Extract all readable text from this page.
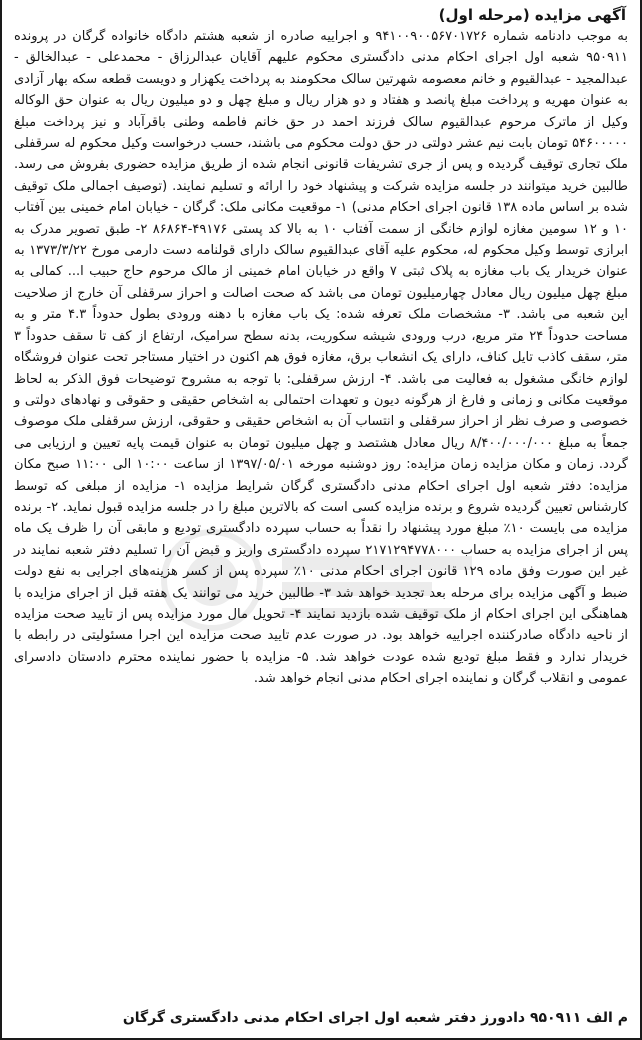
آگهی مزایده (مرحله اول)

به موجب دادنامه شماره ۹۴۱۰۰۹۰۰۵۶۷۰۱۷۲۶ و اجراییه صادره از شعبه هشتم دادگاه خانواده گرگان در پرونده ۹۵۰۹۱۱ شعبه اول اجرای احکام مدنی دادگستری محکوم علیهم آقایان عبدالرزاق - محمدعلی - عبدالخالق - عبدالمجید - عبدالقیوم و خانم معصومه شهرتین سالک محکومند به پرداخت یکهزار و دویست قطعه سکه بهار آزادی به عنوان مهریه و پرداخت مبلغ پانصد و هفتاد و دو هزار ریال و مبلغ چهل و دو میلیون ریال به عنوان حق الوکاله وکیل از ماترک مرحوم عبدالقیوم سالک فرزند احمد در حق خانم فاطمه وطنی باقرآباد و نیز پرداخت مبلغ ۵۴۶۰۰۰۰۰ تومان بابت نیم عشر دولتی در حق دولت محکوم می باشند، حسب درخواست وکیل محکوم له سرقفلی ملک تجاری توقیف گردیده و پس از جری تشریفات قانونی انجام شده از طریق مزایده حضوری بفروش می رسد. طالبین خرید میتوانند در جلسه مزایده شرکت و پیشنهاد خود را ارائه و تسلیم نمایند. (توصیف اجمالی ملک توقیف شده بر اساس ماده ۱۳۸ قانون اجرای احکام مدنی) ۱- موقعیت مکانی ملک: گرگان - خیابان امام خمینی بین آفتاب ۱۰ و ۱۲ سومین مغازه لوازم خانگی از سمت آفتاب ۱۰ به بالا کد پستی ۴۹۱۷۶-۸۶۸۶۴ ۲- طبق تصویر مدرک به ابرازی توسط وکیل محکوم له، محکوم علیه آقای عبدالقیوم سالک دارای قولنامه دست دارمی مورخ ۱۳۷۳/۳/۲۲ به عنوان خریدار یک باب مغازه به پلاک ثبتی ۷ واقع در خیابان امام خمینی از مالک مرحوم حاج حبیب ا... کمالی به مبلغ چهل میلیون ریال معادل چهارمیلیون تومان می باشد که صحت اصالت و احراز سرقفلی آن خارج از صلاحیت این شعبه می باشد. ۳- مشخصات ملک تعرفه شده: یک باب مغازه با دهنه ورودی بطول حدوداً ۴.۳ متر و به مساحت حدوداً ۲۴ متر مربع، درب ورودی شیشه سکوریت، بدنه سطح سرامیک، ارتفاع از کف تا سقف حدوداً ۳ متر، سقف کاذب تایل کناف، دارای یک انشعاب برق، مغازه فوق هم اکنون در اختیار مستاجر تحت عنوان فروشگاه لوازم خانگی مشغول به فعالیت می باشد. ۴- ارزش سرقفلی: با توجه به مشروح توضیحات فوق الذکر به لحاظ موقعیت مکانی و زمانی و فارغ از هرگونه دیون و تعهدات احتمالی به اشخاص حقیقی و حقوقی و نهادهای دولتی و خصوصی و صرف نظر از احراز سرقفلی و انتساب آن به اشخاص حقیقی و حقوقی، ارزش سرقفلی ملک موصوف جمعاً به مبلغ ۸/۴۰۰/۰۰۰/۰۰۰ ریال معادل هشتصد و چهل میلیون تومان به عنوان قیمت پایه تعیین و ارزیابی می گردد. زمان و مکان مزایده زمان مزایده: روز دوشنبه مورخه ۱۳۹۷/۰۵/۰۱ از ساعت ۱۰:۰۰ الی ۱۱:۰۰ صبح مکان مزایده: دفتر شعبه اول اجرای احکام مدنی دادگستری گرگان شرایط مزایده ۱- مزایده از مبلغی که توسط کارشناس تعیین گردیده شروع و برنده مزایده کسی است که بالاترین مبلغ را در جلسه مزایده قبول نماید. ۲- برنده مزایده می بایست ۱۰٪ مبلغ مورد پیشنهاد را نقداً به حساب سپرده دادگستری تودیع و مابقی آن را ظرف یک ماه پس از اجرای مزایده به حساب ۲۱۷۱۲۹۴۷۷۸۰۰۰ سپرده دادگستری واریز و قبض آن را تسلیم دفتر شعبه نمایند در غیر این صورت وفق ماده ۱۲۹ قانون اجرای احکام مدنی ۱۰٪ سپرده پس از کسر هزینه‌های اجرایی به نفع دولت ضبط و آگهی مزایده برای مرحله بعد تجدید خواهد شد ۳- طالبین خرید می توانند یک هفته قبل از اجرای مزایده با هماهنگی این اجرای احکام از ملک توقیف شده بازدید نمایند ۴- تحویل مال مورد مزایده پس از تایید صحت مزایده از ناحیه دادگاه صادرکننده اجراییه خواهد بود. در صورت عدم تایید صحت مزایده این اجرا مسئولیتی در رابطه با خریدار ندارد و فقط مبلغ تودیع شده عودت خواهد شد. ۵- مزایده با حضور نماینده محترم دادستان دادسرای عمومی و انقلاب گرگان و نماینده اجرای احکام مدنی انجام خواهد شد.

م الف ۹۵۰۹۱۱ دادورز دفتر شعبه اول اجرای احکام مدنی دادگستری گرگان
